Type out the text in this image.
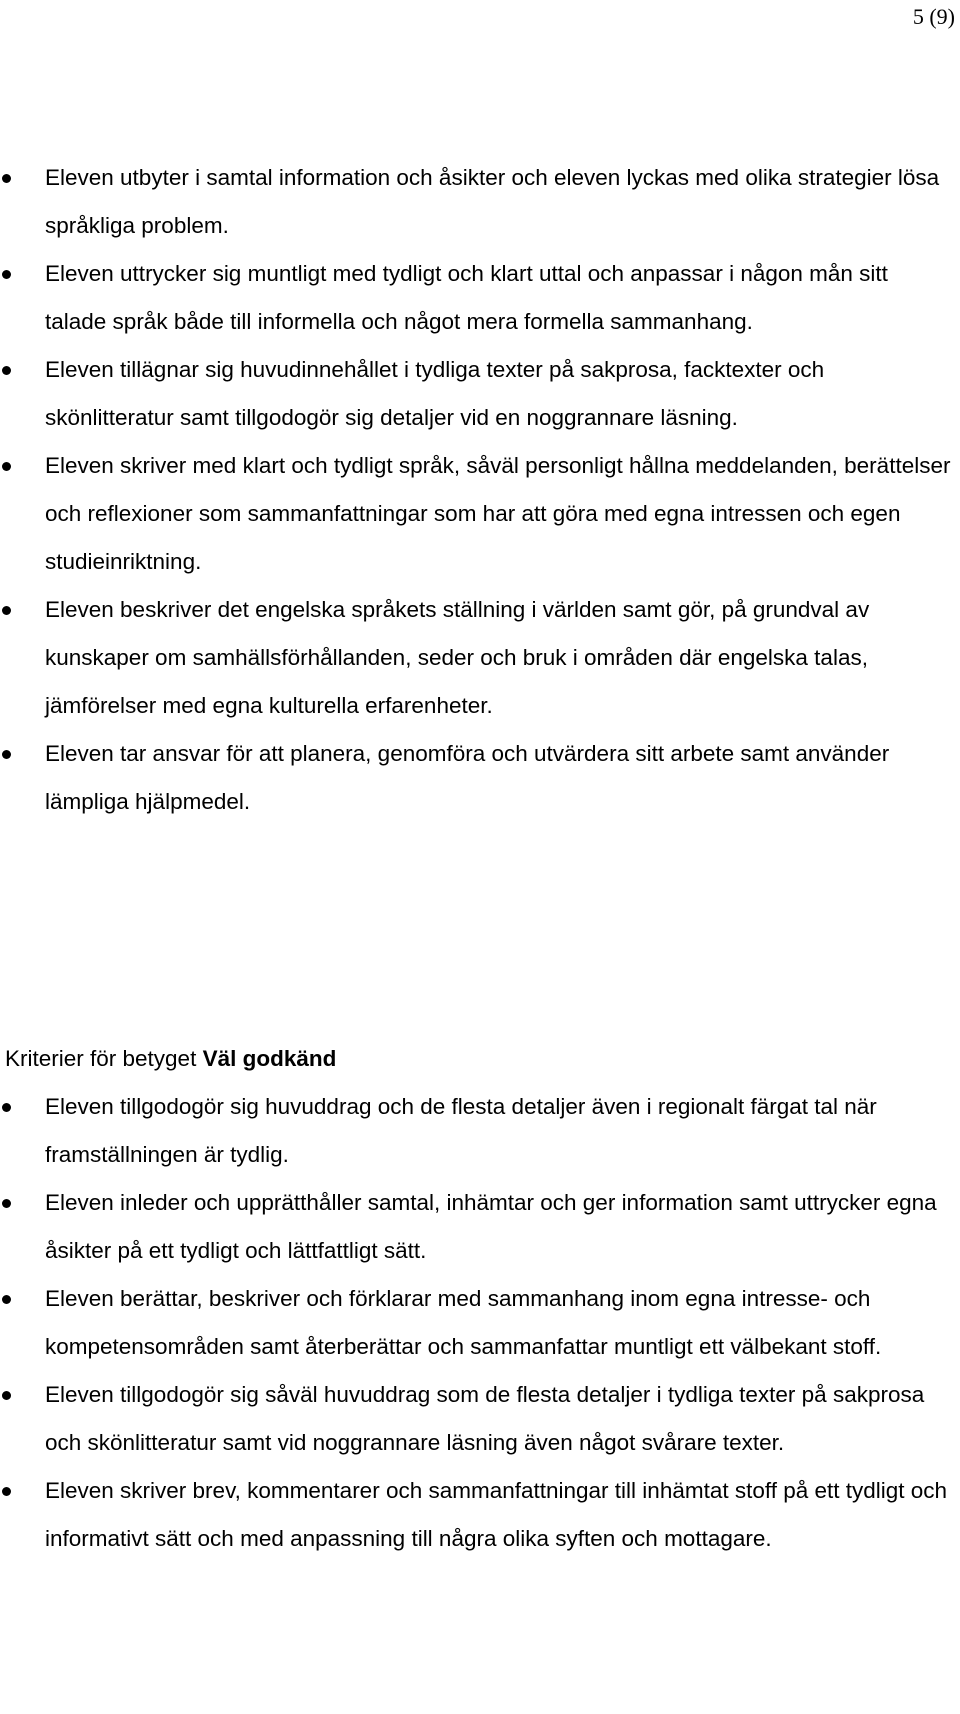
5 (9)
Eleven utbyter i samtal information och åsikter och eleven lyckas med olika strategier lösa språkliga problem.
Eleven uttrycker sig muntligt med tydligt och klart uttal och anpassar i någon mån sitt talade språk både till informella och något mera formella sammanhang.
Eleven tillägnar sig huvudinnehållet i tydliga texter på sakprosa, facktexter och skönlitteratur samt tillgodogör sig detaljer vid en noggrannare läsning.
Eleven skriver med klart och tydligt språk, såväl personligt hållna meddelanden, berättelser och reflexioner som sammanfattningar som har att göra med egna intressen och egen studieinriktning.
Eleven beskriver det engelska språkets ställning i världen samt gör, på grundval av kunskaper om samhällsförhållanden, seder och bruk i områden där engelska talas, jämförelser med egna kulturella erfarenheter.
Eleven tar ansvar för att planera, genomföra och utvärdera sitt arbete samt använder lämpliga hjälpmedel.
Kriterier för betyget Väl godkänd
Eleven tillgodogör sig huvuddrag och de flesta detaljer även i regionalt färgat tal när framställningen är tydlig.
Eleven inleder och upprätthåller samtal, inhämtar och ger information samt uttrycker egna åsikter på ett tydligt och lättfattligt sätt.
Eleven berättar, beskriver och förklarar med sammanhang inom egna intresse- och kompetensområden samt återberättar och sammanfattar muntligt ett välbekant stoff.
Eleven tillgodogör sig såväl huvuddrag som de flesta detaljer i tydliga texter på sakprosa och skönlitteratur samt vid noggrannare läsning även något svårare texter.
Eleven skriver brev, kommentarer och sammanfattningar till inhämtat stoff på ett tydligt och informativt sätt och med anpassning till några olika syften och mottagare.
